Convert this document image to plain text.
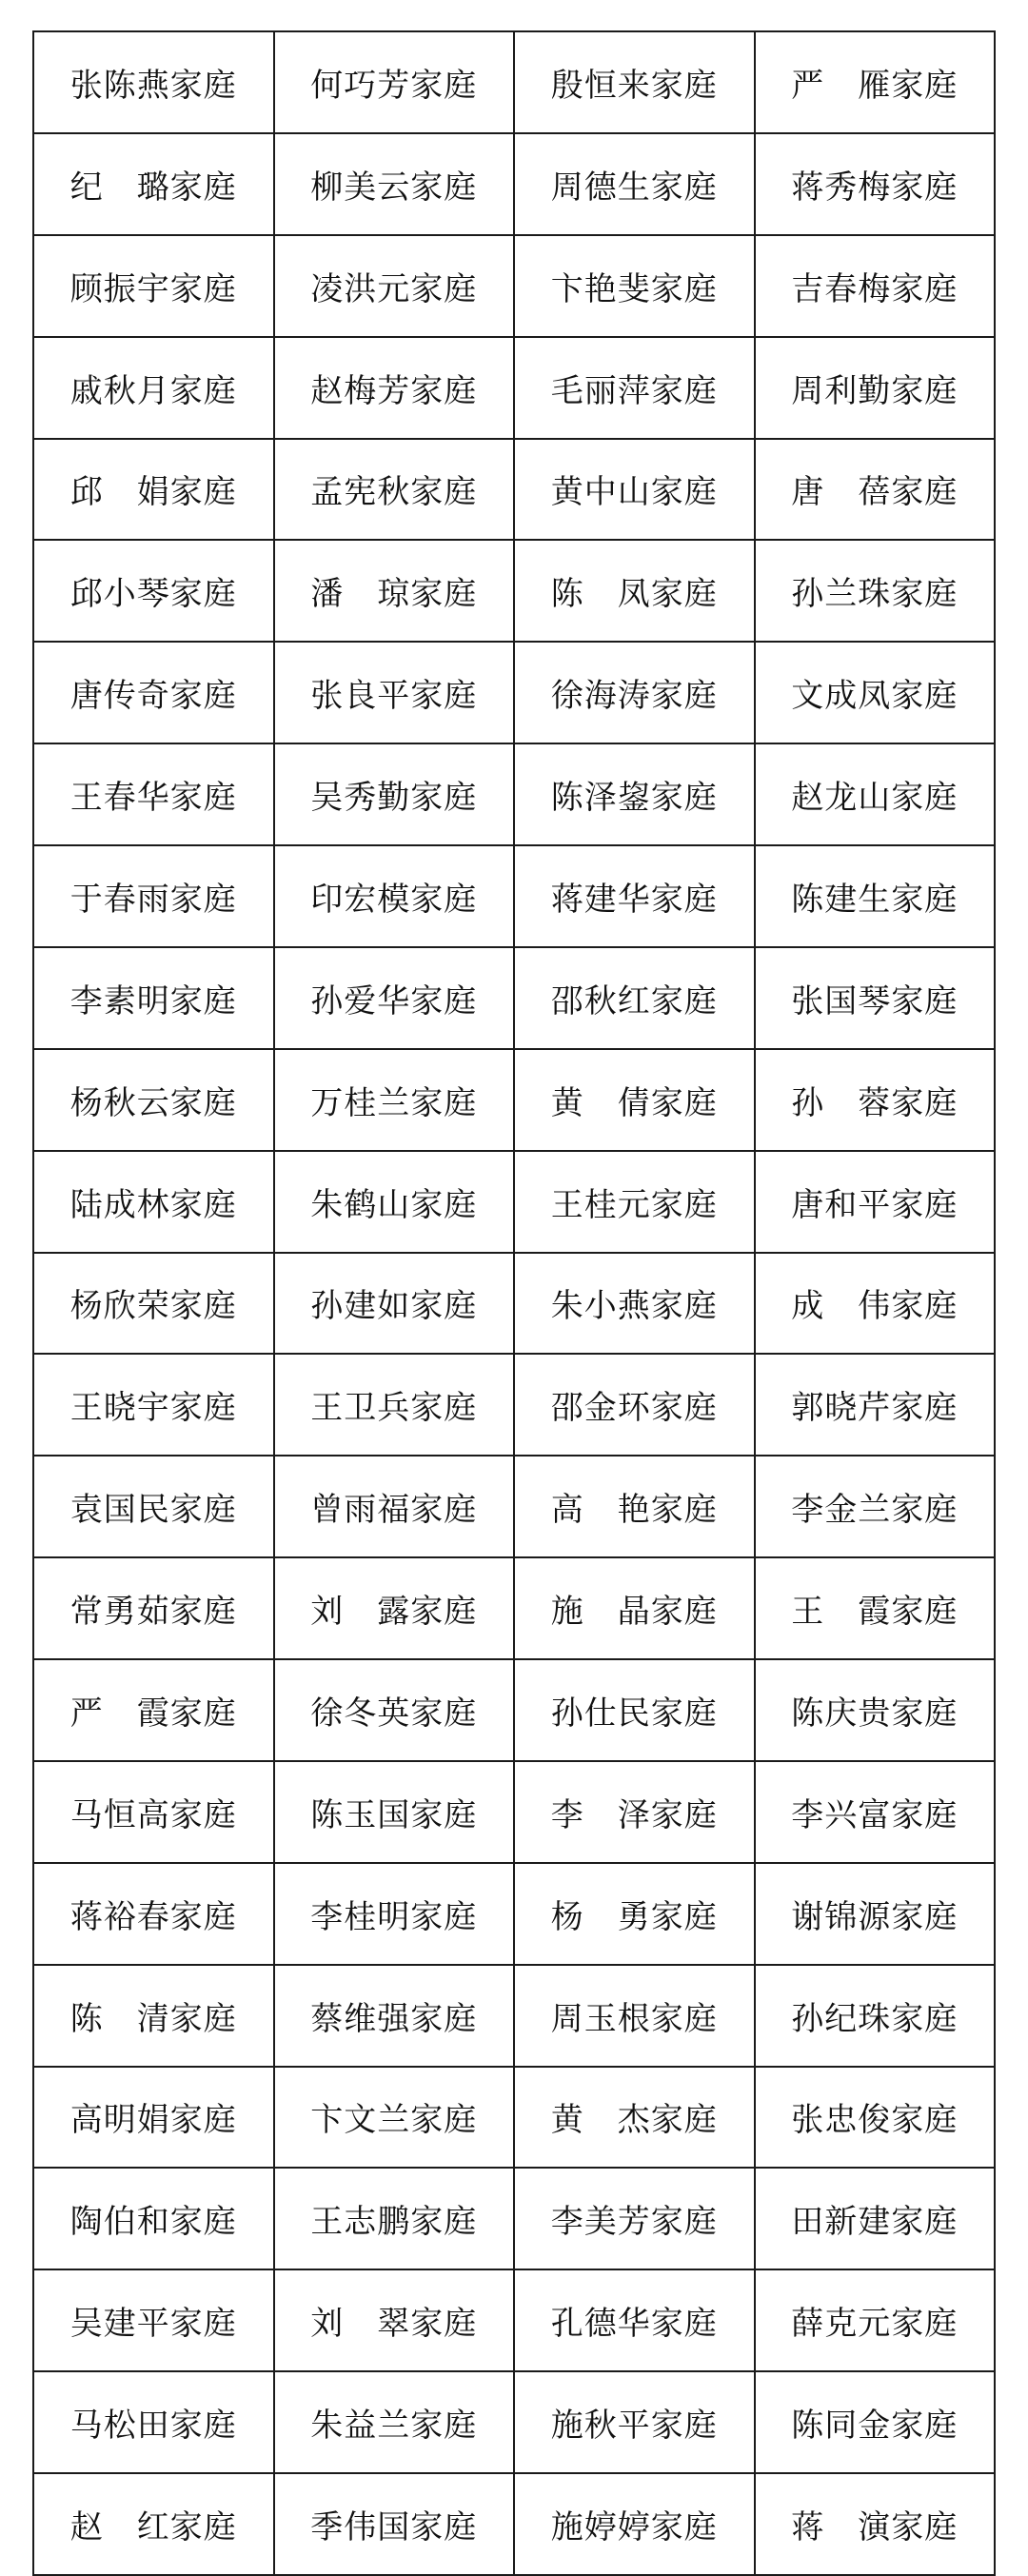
张陈燕家庭	何巧芳家庭	殷恒来家庭	严　雁家庭
纪　璐家庭	柳美云家庭	周德生家庭	蒋秀梅家庭
顾振宇家庭	凌洪元家庭	卞艳斐家庭	吉春梅家庭
戚秋月家庭	赵梅芳家庭	毛丽萍家庭	周利勤家庭
邱　娟家庭	孟宪秋家庭	黄中山家庭	唐　蓓家庭
邱小琴家庭	潘　琼家庭	陈　凤家庭	孙兰珠家庭
唐传奇家庭	张良平家庭	徐海涛家庭	文成凤家庭
王春华家庭	吴秀勤家庭	陈泽鋆家庭	赵龙山家庭
于春雨家庭	印宏模家庭	蒋建华家庭	陈建生家庭
李素明家庭	孙爱华家庭	邵秋红家庭	张国琴家庭
杨秋云家庭	万桂兰家庭	黄　倩家庭	孙　蓉家庭
陆成林家庭	朱鹤山家庭	王桂元家庭	唐和平家庭
杨欣荣家庭	孙建如家庭	朱小燕家庭	成　伟家庭
王晓宇家庭	王卫兵家庭	邵金环家庭	郭晓芹家庭
袁国民家庭	曾雨福家庭	高　艳家庭	李金兰家庭
常勇茹家庭	刘　露家庭	施　晶家庭	王　霞家庭
严　霞家庭	徐冬英家庭	孙仕民家庭	陈庆贵家庭
马恒高家庭	陈玉国家庭	李　泽家庭	李兴富家庭
蒋裕春家庭	李桂明家庭	杨　勇家庭	谢锦源家庭
陈　清家庭	蔡维强家庭	周玉根家庭	孙纪珠家庭
高明娟家庭	卞文兰家庭	黄　杰家庭	张忠俊家庭
陶伯和家庭	王志鹏家庭	李美芳家庭	田新建家庭
吴建平家庭	刘　翠家庭	孔德华家庭	薛克元家庭
马松田家庭	朱益兰家庭	施秋平家庭	陈同金家庭
赵　红家庭	季伟国家庭	施婷婷家庭	蒋　演家庭
